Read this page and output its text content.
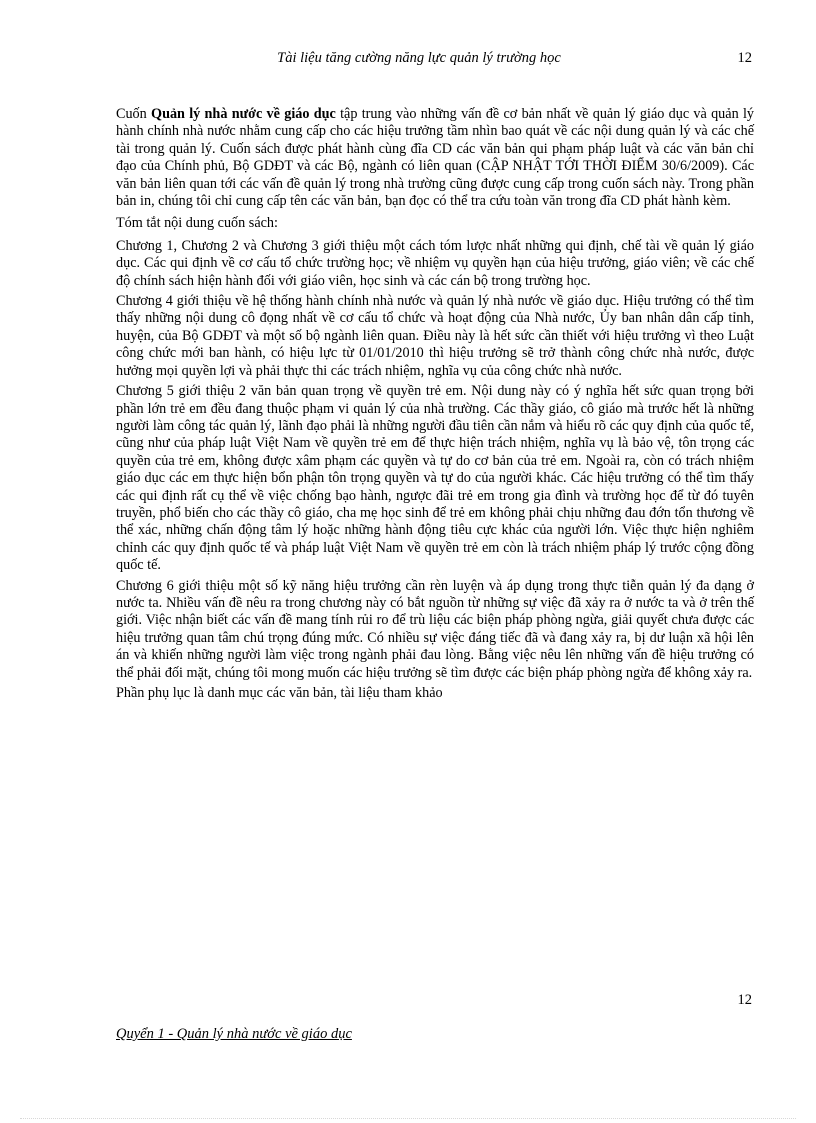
Tài liệu tăng cường năng lực quản lý trường học	12

Cuốn Quản lý nhà nước về giáo dục tập trung vào những vấn đề cơ bản nhất về quản lý giáo dục và quản lý hành chính nhà nước nhằm cung cấp cho các hiệu trưởng tầm nhìn bao quát về các nội dung quản lý và các chế tài trong quản lý. Cuốn sách được phát hành cùng đĩa CD các văn bản qui phạm pháp luật và các văn bản chỉ đạo của Chính phủ, Bộ GDĐT và các Bộ, ngành có liên quan (CẬP NHẬT TỚI THỜI ĐIỂM 30/6/2009). Các văn bản liên quan tới các vấn đề quản lý trong nhà trường cũng được cung cấp trong cuốn sách này. Trong phần bản in, chúng tôi chỉ cung cấp tên các văn bản, bạn đọc có thể tra cứu toàn văn trong đĩa CD phát hành kèm.

Tóm tắt nội dung cuốn sách:

Chương 1, Chương 2 và Chương 3 giới thiệu một cách tóm lược nhất những qui định, chế tài về quản lý giáo dục. Các qui định về cơ cấu tổ chức trường học; về nhiệm vụ quyền hạn của hiệu trưởng, giáo viên; về các chế độ chính sách hiện hành đối với giáo viên, học sinh và các cán bộ trong trường học.

Chương 4 giới thiệu về hệ thống hành chính nhà nước và quản lý nhà nước về giáo dục. Hiệu trưởng có thể tìm thấy những nội dung cô đọng nhất về cơ cấu tổ chức và hoạt động của Nhà nước, Ủy ban nhân dân cấp tỉnh, huyện, của Bộ GDĐT và một số bộ ngành liên quan. Điều này là hết sức cần thiết với hiệu trưởng vì theo Luật công chức mới ban hành, có hiệu lực từ 01/01/2010 thì hiệu trưởng sẽ trở thành công chức nhà nước, được hưởng mọi quyền lợi và phải thực thi các trách nhiệm, nghĩa vụ của công chức nhà nước.

Chương 5 giới thiệu 2 văn bản quan trọng về quyền trẻ em. Nội dung này có ý nghĩa hết sức quan trọng bởi phần lớn trẻ em đều đang thuộc phạm vi quản lý của nhà trường. Các thầy giáo, cô giáo mà trước hết là những người làm công tác quản lý, lãnh đạo phải là những người đầu tiên cần nắm và hiểu rõ các quy định của quốc tế, cũng như của pháp luật Việt Nam về quyền trẻ em để thực hiện trách nhiệm, nghĩa vụ là bảo vệ, tôn trọng các quyền của trẻ em, không được xâm phạm các quyền và tự do cơ bản của trẻ em. Ngoài ra, còn có trách nhiệm giáo dục các em thực hiện bổn phận tôn trọng quyền và tự do của người khác. Các hiệu trưởng có thể tìm thấy các qui định rất cụ thể về việc chống bạo hành, ngược đãi trẻ em trong gia đình và trường học để từ đó tuyên truyền, phổ biến cho các thầy cô giáo, cha mẹ học sinh để trẻ em không phải chịu những đau đớn tổn thương về thể xác, những chấn động tâm lý hoặc những hành động tiêu cực khác của người lớn. Việc thực hiện nghiêm chỉnh các quy định quốc tế và pháp luật Việt Nam về quyền trẻ em còn là trách nhiệm pháp lý trước cộng đồng quốc tế.

Chương 6 giới thiệu một số kỹ năng hiệu trưởng cần rèn luyện và áp dụng trong thực tiễn quản lý đa dạng ở nước ta. Nhiều vấn đề nêu ra trong chương này có bắt nguồn từ những sự việc đã xảy ra ở nước ta và ở trên thế giới. Việc nhận biết các vấn đề mang tính rủi ro để trù liệu các biện pháp phòng ngừa, giải quyết chưa được các hiệu trưởng quan tâm chú trọng đúng mức. Có nhiều sự việc đáng tiếc đã và đang xảy ra, bị dư luận xã hội lên án và khiến những người làm việc trong ngành phải đau lòng. Bằng việc nêu lên những vấn đề hiệu trưởng có thể phải đối mặt, chúng tôi mong muốn các hiệu trưởng sẽ tìm được các biện pháp phòng ngừa để không xảy ra.

Phần phụ lục là danh mục các văn bản, tài liệu tham khảo

12
Quyển 1 - Quản lý nhà nước về giáo dục
